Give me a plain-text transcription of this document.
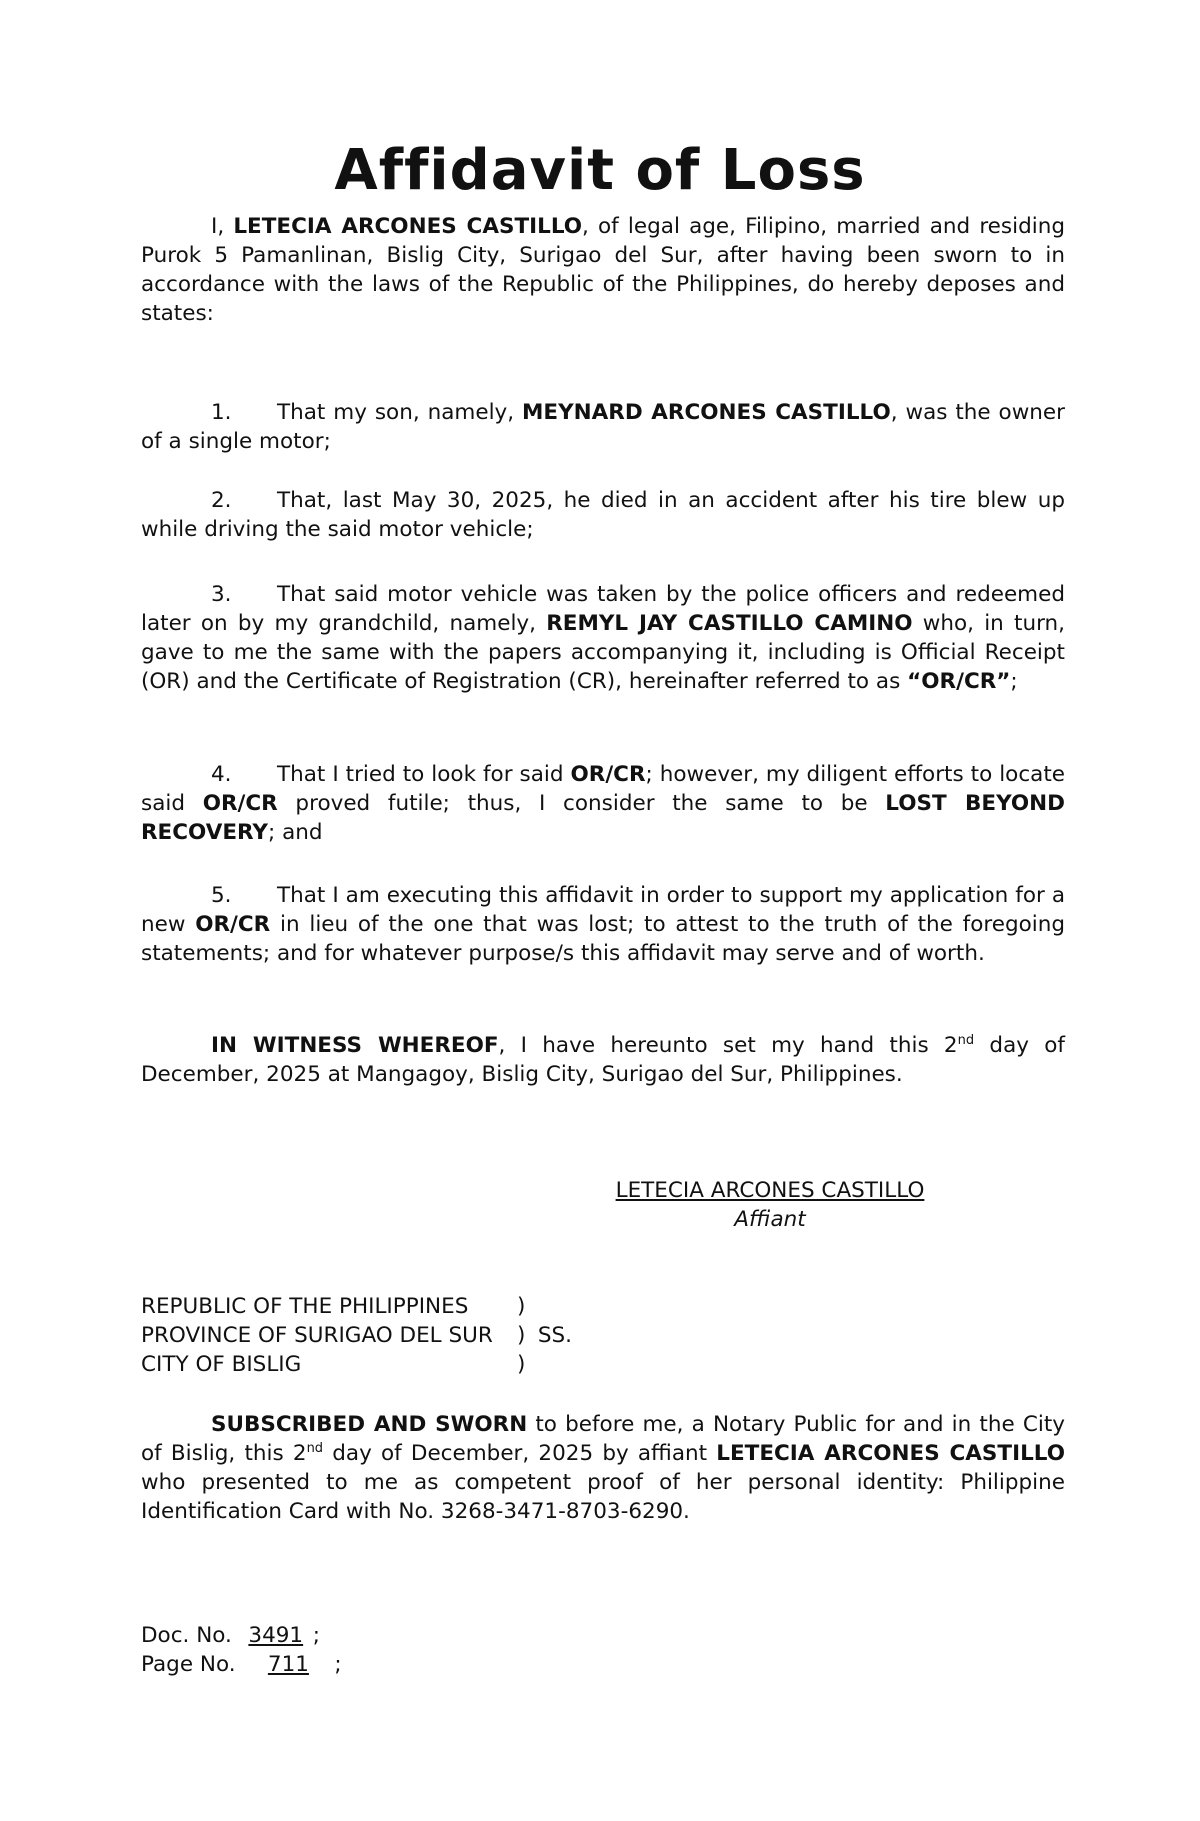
Affidavit of Loss

I, LETECIA ARCONES CASTILLO, of legal age, Filipino, married and residing Purok 5 Pamanlinan, Bislig City, Surigao del Sur, after having been sworn to in accordance with the laws of the Republic of the Philippines, do hereby deposes and states:

1. That my son, namely, MEYNARD ARCONES CASTILLO, was the owner of a single motor;

2. That, last May 30, 2025, he died in an accident after his tire blew up while driving the said motor vehicle;

3. That said motor vehicle was taken by the police officers and redeemed later on by my grandchild, namely, REMYL JAY CASTILLO CAMINO who, in turn, gave to me the same with the papers accompanying it, including is Official Receipt (OR) and the Certificate of Registration (CR), hereinafter referred to as “OR/CR”;

4. That I tried to look for said OR/CR; however, my diligent efforts to locate said OR/CR proved futile; thus, I consider the same to be LOST BEYOND RECOVERY; and

5. That I am executing this affidavit in order to support my application for a new OR/CR in lieu of the one that was lost; to attest to the truth of the foregoing statements; and for whatever purpose/s this affidavit may serve and of worth.

IN WITNESS WHEREOF, I have hereunto set my hand this 2nd day of December, 2025 at Mangagoy, Bislig City, Surigao del Sur, Philippines.

LETECIA ARCONES CASTILLO
Affiant
REPUBLIC OF THE PHILIPPINES )
PROVINCE OF SURIGAO DEL SUR ) SS.
CITY OF BISLIG	)

SUBSCRIBED AND SWORN to before me, a Notary Public for and in the City of Bislig, this 2nd day of December, 2025 by affiant LETECIA ARCONES CASTILLO who presented to me as competent proof of her personal identity: Philippine Identification Card with No. 3268-3471-8703-6290.

Doc. No. 3491 ;
Page No. 711 ;
